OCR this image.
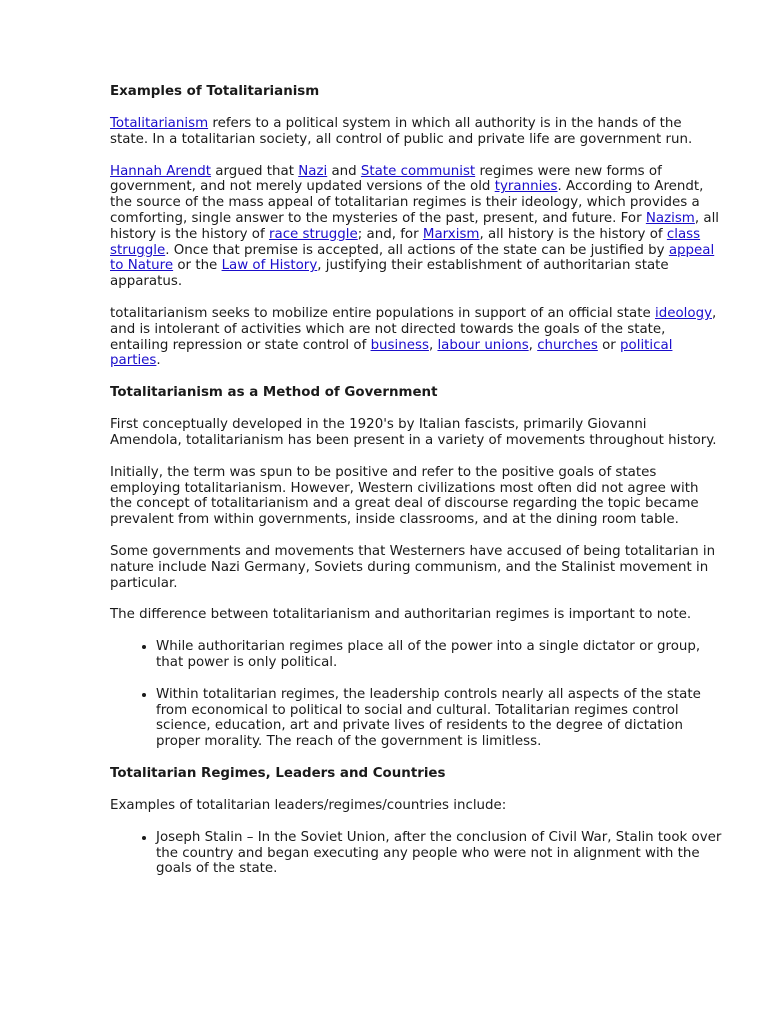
Examples of Totalitarianism

Totalitarianism refers to a political system in which all authority is in the hands of the state. In a totalitarian society, all control of public and private life are government run.

Hannah Arendt argued that Nazi and State communist regimes were new forms of government, and not merely updated versions of the old tyrannies. According to Arendt, the source of the mass appeal of totalitarian regimes is their ideology, which provides a comforting, single answer to the mysteries of the past, present, and future. For Nazism, all history is the history of race struggle; and, for Marxism, all history is the history of class struggle. Once that premise is accepted, all actions of the state can be justified by appeal to Nature or the Law of History, justifying their establishment of authoritarian state apparatus.

totalitarianism seeks to mobilize entire populations in support of an official state ideology, and is intolerant of activities which are not directed towards the goals of the state, entailing repression or state control of business, labour unions, churches or political parties.

Totalitarianism as a Method of Government

First conceptually developed in the 1920's by Italian fascists, primarily Giovanni Amendola, totalitarianism has been present in a variety of movements throughout history.

Initially, the term was spun to be positive and refer to the positive goals of states employing totalitarianism. However, Western civilizations most often did not agree with the concept of totalitarianism and a great deal of discourse regarding the topic became prevalent from within governments, inside classrooms, and at the dining room table.

Some governments and movements that Westerners have accused of being totalitarian in nature include Nazi Germany, Soviets during communism, and the Stalinist movement in particular.

The difference between totalitarianism and authoritarian regimes is important to note.

• While authoritarian regimes place all of the power into a single dictator or group, that power is only political.
• Within totalitarian regimes, the leadership controls nearly all aspects of the state from economical to political to social and cultural. Totalitarian regimes control science, education, art and private lives of residents to the degree of dictation proper morality. The reach of the government is limitless.
Totalitarian Regimes, Leaders and Countries

Examples of totalitarian leaders/regimes/countries include:

• Joseph Stalin – In the Soviet Union, after the conclusion of Civil War, Stalin took over the country and began executing any people who were not in alignment with the goals of the state.
